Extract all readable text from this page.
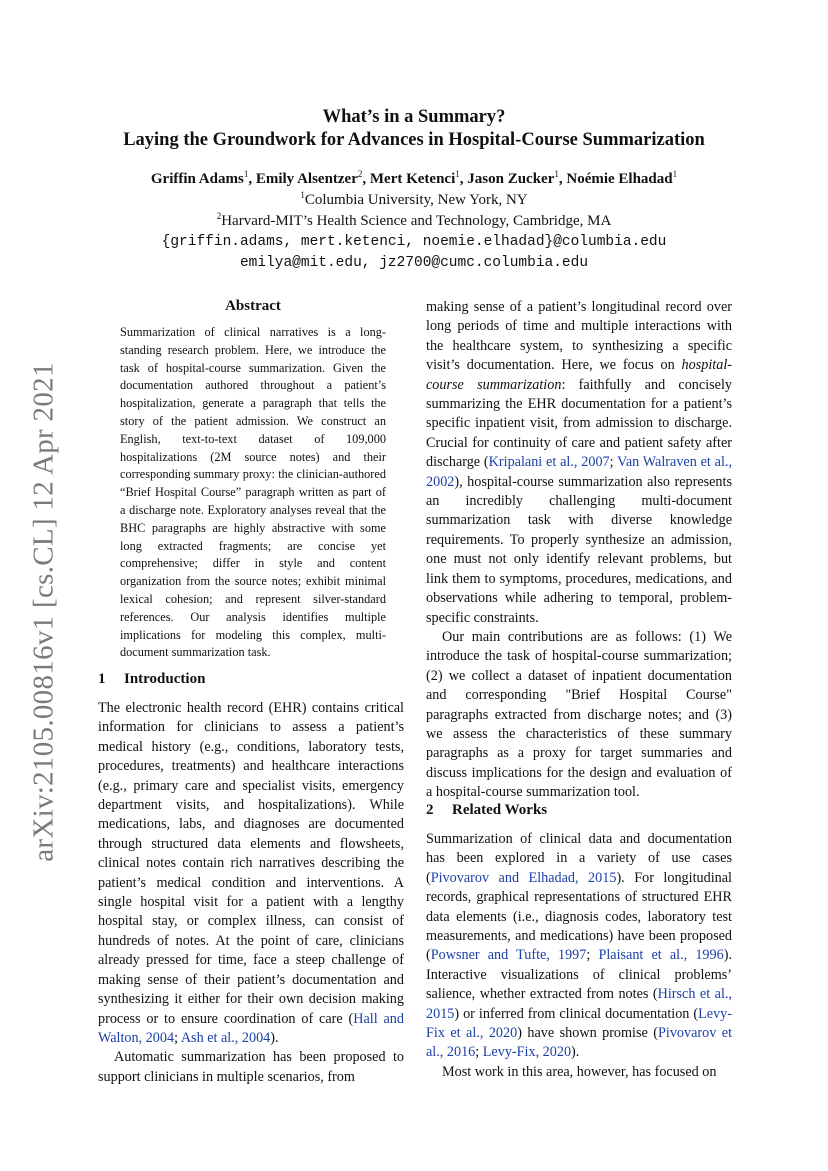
arXiv:2105.00816v1 [cs.CL] 12 Apr 2021
What’s in a Summary?
Laying the Groundwork for Advances in Hospital-Course Summarization
Griffin Adams$^1$, Emily Alsentzer$^2$, Mert Ketenci$^1$, Jason Zucker$^1$, Noémie Elhadad$^1$
$^1$Columbia University, New York, NY
$^2$Harvard-MIT’s Health Science and Technology, Cambridge, MA
{griffin.adams, mert.ketenci, noemie.elhadad}@columbia.edu
emilya@mit.edu, jz2700@cumc.columbia.edu
Abstract
Summarization of clinical narratives is a long-standing research problem. Here, we introduce the task of hospital-course summarization. Given the documentation authored throughout a patient’s hospitalization, generate a paragraph that tells the story of the patient admission. We construct an English, text-to-text dataset of 109,000 hospitalizations (2M source notes) and their corresponding summary proxy: the clinician-authored “Brief Hospital Course” paragraph written as part of a discharge note. Exploratory analyses reveal that the BHC paragraphs are highly abstractive with some long extracted fragments; are concise yet comprehensive; differ in style and content organization from the source notes; exhibit minimal lexical cohesion; and represent silver-standard references. Our analysis identifies multiple implications for modeling this complex, multi-document summarization task.
1 Introduction

The electronic health record (EHR) contains critical information for clinicians to assess a patient’s medical history (e.g., conditions, laboratory tests, procedures, treatments) and healthcare interactions (e.g., primary care and specialist visits, emergency department visits, and hospitalizations). While medications, labs, and diagnoses are documented through structured data elements and flowsheets, clinical notes contain rich narratives describing the patient’s medical condition and interventions. A single hospital visit for a patient with a lengthy hospital stay, or complex illness, can consist of hundreds of notes. At the point of care, clinicians already pressed for time, face a steep challenge of making sense of their patient’s documentation and synthesizing it either for their own decision making process or to ensure coordination of care (Hall and Walton, 2004; Ash et al., 2004).

Automatic summarization has been proposed to support clinicians in multiple scenarios, from

making sense of a patient’s longitudinal record over long periods of time and multiple interactions with the healthcare system, to synthesizing a specific visit’s documentation. Here, we focus on hospital-course summarization: faithfully and concisely summarizing the EHR documentation for a patient’s specific inpatient visit, from admission to discharge. Crucial for continuity of care and patient safety after discharge (Kripalani et al., 2007; Van Walraven et al., 2002), hospital-course summarization also represents an incredibly challenging multi-document summarization task with diverse knowledge requirements. To properly synthesize an admission, one must not only identify relevant problems, but link them to symptoms, procedures, medications, and observations while adhering to temporal, problem-specific constraints.

Our main contributions are as follows: (1) We introduce the task of hospital-course summarization; (2) we collect a dataset of inpatient documentation and corresponding "Brief Hospital Course" paragraphs extracted from discharge notes; and (3) we assess the characteristics of these summary paragraphs as a proxy for target summaries and discuss implications for the design and evaluation of a hospital-course summarization tool.

2 Related Works

Summarization of clinical data and documentation has been explored in a variety of use cases (Pivovarov and Elhadad, 2015). For longitudinal records, graphical representations of structured EHR data elements (i.e., diagnosis codes, laboratory test measurements, and medications) have been proposed (Powsner and Tufte, 1997; Plaisant et al., 1996). Interactive visualizations of clinical problems’ salience, whether extracted from notes (Hirsch et al., 2015) or inferred from clinical documentation (Levy-Fix et al., 2020) have shown promise (Pivovarov et al., 2016; Levy-Fix, 2020).

Most work in this area, however, has focused on
